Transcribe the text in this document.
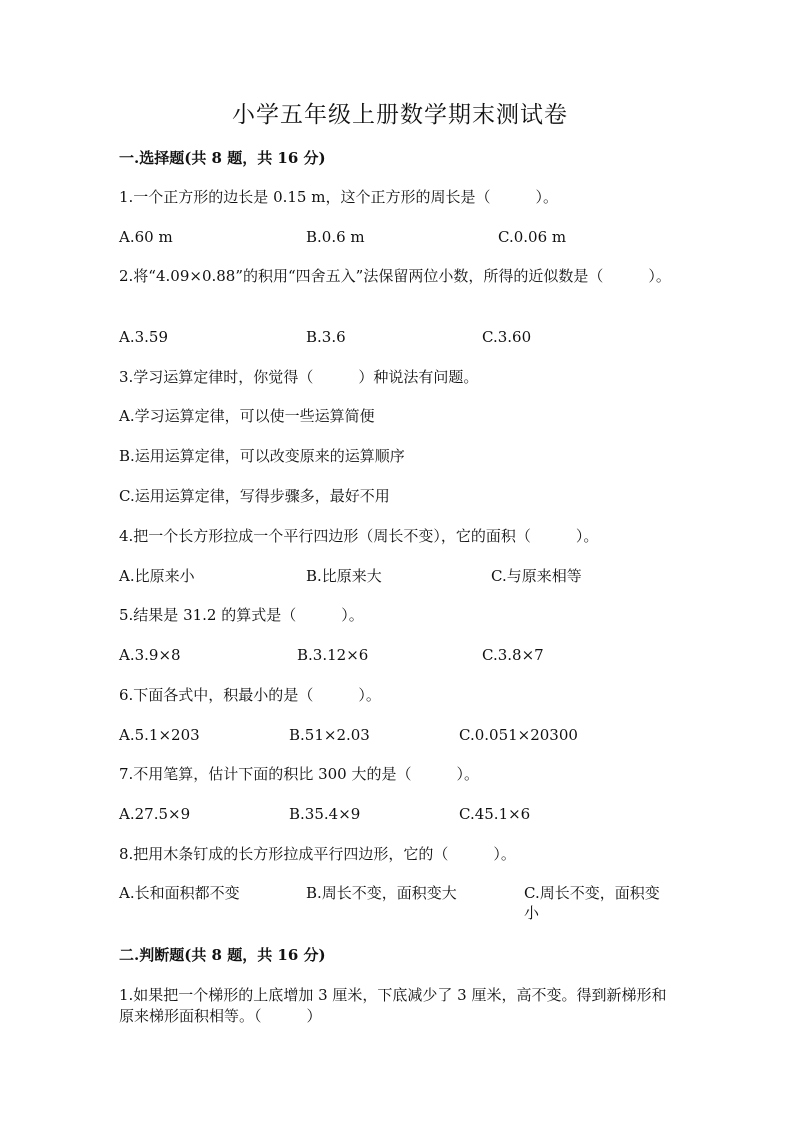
小学五年级上册数学期末测试卷
一.选择题(共 8 题，共 16 分)
1.一个正方形的边长是 0.15 m，这个正方形的周长是（　　　）。
A.60 m	B.0.6 m	C.0.06 m
2.将“4.09×0.88”的积用“四舍五入”法保留两位小数，所得的近似数是（　　　）。
A.3.59	B.3.6	C.3.60
3.学习运算定律时，你觉得（　　　）种说法有问题。
A.学习运算定律，可以使一些运算简便
B.运用运算定律，可以改变原来的运算顺序
C.运用运算定律，写得步骤多，最好不用
4.把一个长方形拉成一个平行四边形（周长不变），它的面积（　　　）。
A.比原来小	B.比原来大	C.与原来相等
5.结果是 31.2 的算式是（　　　）。
A.3.9×8	B.3.12×6	C.3.8×7
6.下面各式中，积最小的是（　　　）。
A.5.1×203	B.51×2.03	C.0.051×20300
7.不用笔算，估计下面的积比 300 大的是（　　　）。
A.27.5×9	B.35.4×9	C.45.1×6
8.把用木条钉成的长方形拉成平行四边形，它的（　　　）。
A.长和面积都不变	B.周长不变，面积变大	C.周长不变，面积变小
二.判断题(共 8 题，共 16 分)
1.如果把一个梯形的上底增加 3 厘米，下底减少了 3 厘米，高不变。得到新梯形和原来梯形面积相等。（　　　）
